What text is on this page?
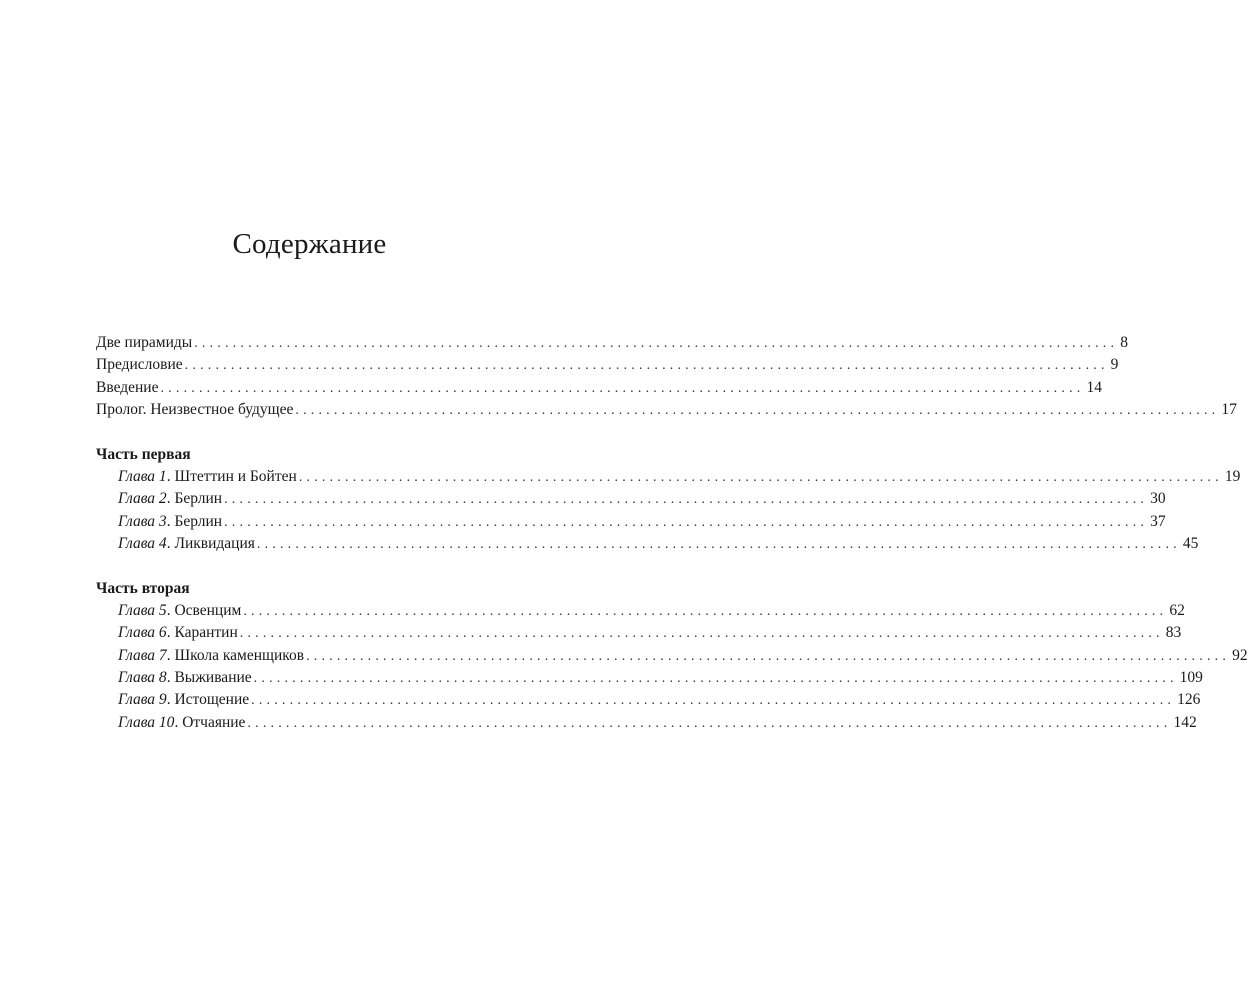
Содержание
Две пирамиды ........................................................................................................................ 8
Предисловие ........................................................................................................................ 9
Введение ........................................................................................................................ 14
Пролог. Неизвестное будущее ........................................................................................................................ 17
Часть первая
Глава 1. Штеттин и Бойтен ........................................................................................................................ 19
Глава 2. Берлин ........................................................................................................................ 30
Глава 3. Берлин ........................................................................................................................ 37
Глава 4. Ликвидация ........................................................................................................................ 45
Часть вторая
Глава 5. Освенцим ........................................................................................................................ 62
Глава 6. Карантин ........................................................................................................................ 83
Глава 7. Школа каменщиков ........................................................................................................................ 92
Глава 8. Выживание ........................................................................................................................ 109
Глава 9. Истощение ........................................................................................................................ 126
Глава 10. Отчаяние ........................................................................................................................ 142
